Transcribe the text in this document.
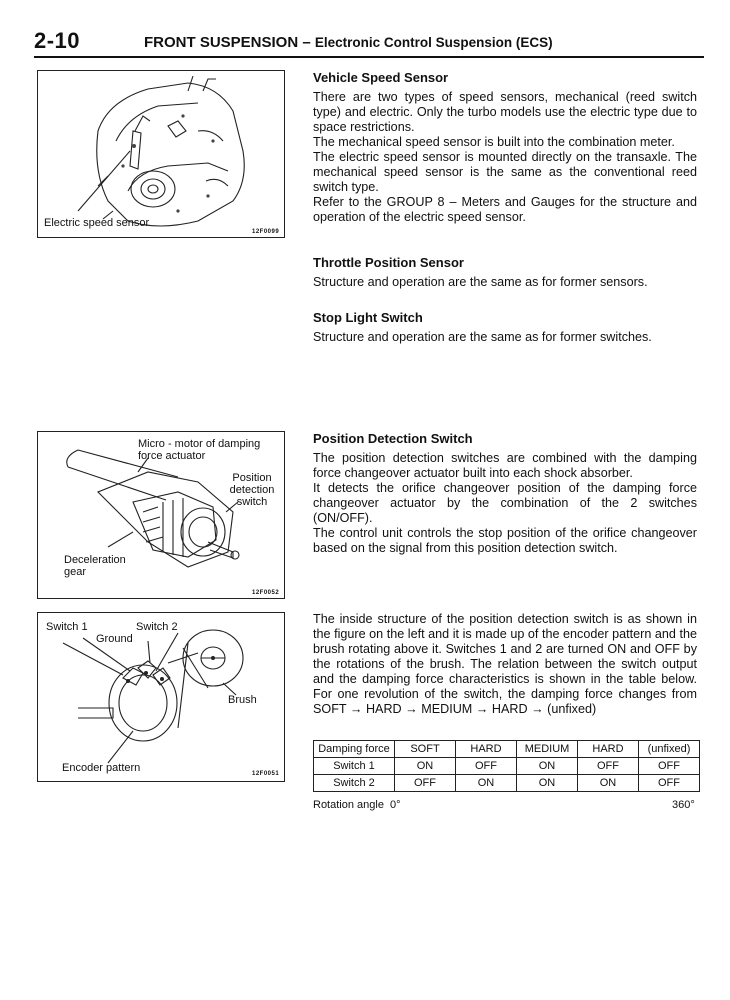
2-10	FRONT SUSPENSION – Electronic Control Suspension (ECS)
Electric speed sensor
12F0099
Micro - motor of damping force actuator
Position detection switch
Deceleration gear
12F0052
Switch 1	Switch 2
Ground
Brush
Encoder pattern	12F0051
Vehicle Speed Sensor

There are two types of speed sensors, mechanical (reed switch type) and electric. Only the turbo models use the electric type due to space restrictions.
The mechanical speed sensor is built into the combination meter.
The electric speed sensor is mounted directly on the transaxle. The mechanical speed sensor is the same as the conventional reed switch type.
Refer to the GROUP 8 – Meters and Gauges for the structure and operation of the electric speed sensor.

Throttle Position Sensor

Structure and operation are the same as for former sensors.

Stop Light Switch

Structure and operation are the same as for former switches.

Position Detection Switch

The position detection switches are combined with the damping force changeover actuator built into each shock absorber.
It detects the orifice changeover position of the damping force changeover actuator by the combination of the 2 switches (ON/OFF).
The control unit controls the stop position of the orifice changeover based on the signal from this position detection switch.

The inside structure of the position detection switch is as shown in the figure on the left and it is made up of the encoder pattern and the brush rotating above it. Switches 1 and 2 are turned ON and OFF by the rotations of the brush. The relation between the switch output and the damping force characteristics is shown in the table below. For one revolution of the switch, the damping force changes from SOFT → HARD → MEDIUM → HARD → (unfixed)

Damping force	SOFT	HARD	MEDIUM	HARD	(unfixed)
Switch 1	ON	OFF	ON	OFF	OFF
Switch 2	OFF	ON	ON	ON	OFF
Rotation angle  0°	360°
